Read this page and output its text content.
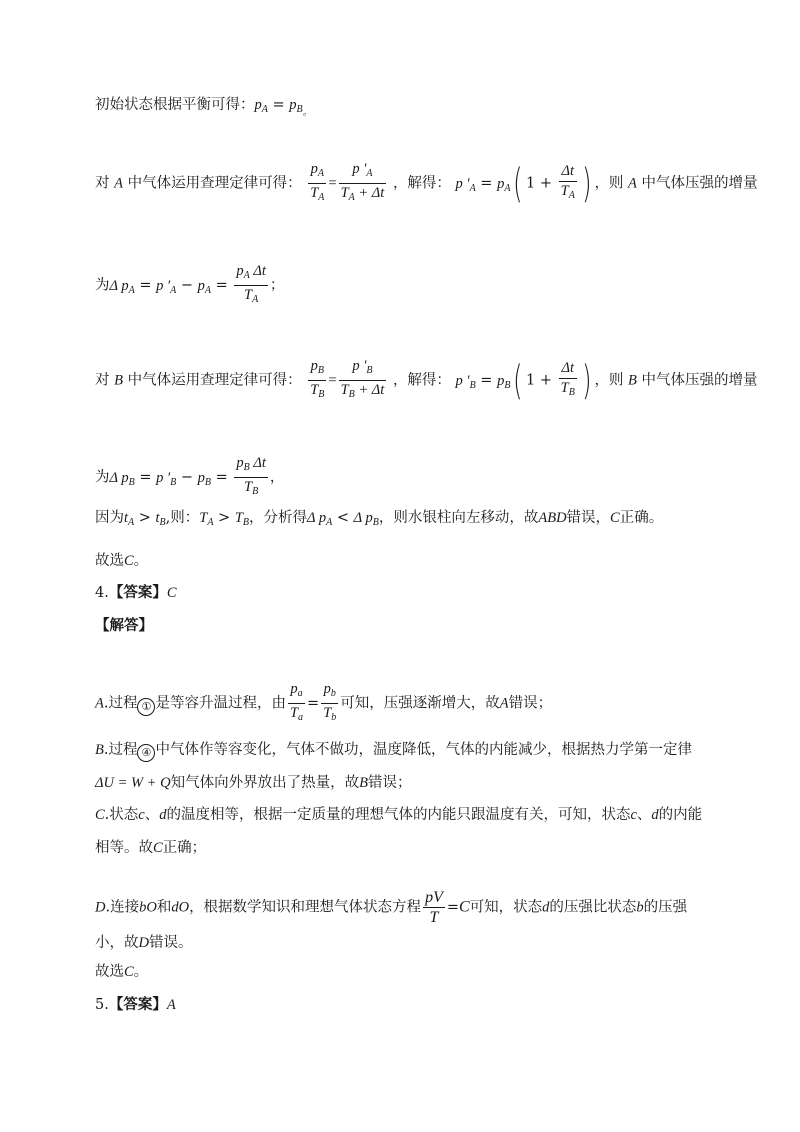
初始状态根据平衡可得：$p_A = p_{B_。}$
对 A 中气体运用查理定律可得： $\frac{p_A}{T_A} = \frac{p '_A}{T_A + \Delta t}$ ，解得： p $'_A = p_A$( $1 + \frac{\Delta t}{T_A}$ ) ，则 A 中气体压强的增量
为Δ $p_A = p$ $'_A - p_A = \frac{p_A \Delta t}{T_A}$ ；
对 B 中气体运用查理定律可得： $\frac{p_B}{T_B} = \frac{p '_B}{T_B + \Delta t}$ ，解得： p $'_B = p_B$( $1 + \frac{\Delta t}{T_B}$ ) ，则 B 中气体压强的增量
为Δ $p_B = p$ $'_B - p_B = \frac{p_B \Delta t}{T_B}$ ，
因为$t_A > t_B$,则：$T_A > T_B$，分析得Δ $p_A < \Delta$ $p_B$，则水银柱向左移动，故ABD错误，C正确。
故选C。
4.【答案】C
【解答】
A.过程 ① 是等容升温过程，由 $\frac{p_a}{T_a} = \frac{p_b}{T_b}$ 可知，压强逐渐增大，故A错误；
B.过程 ④ 中气体作等容变化，气体不做功，温度降低，气体的内能减少，根据热力学第一定律
ΔU = W + Q知气体向外界放出了热量，故B错误；
C.状态c、d的温度相等，根据一定质量的理想气体的内能只跟温度有关，可知，状态c、d的内能
相等。故C正确；
D.连接bO和dO，根据数学知识和理想气体状态方程 $\frac{pV}{T} =C$可知，状态d的压强比状态b的压强
小，故D错误。
故选C。
5.【答案】A
